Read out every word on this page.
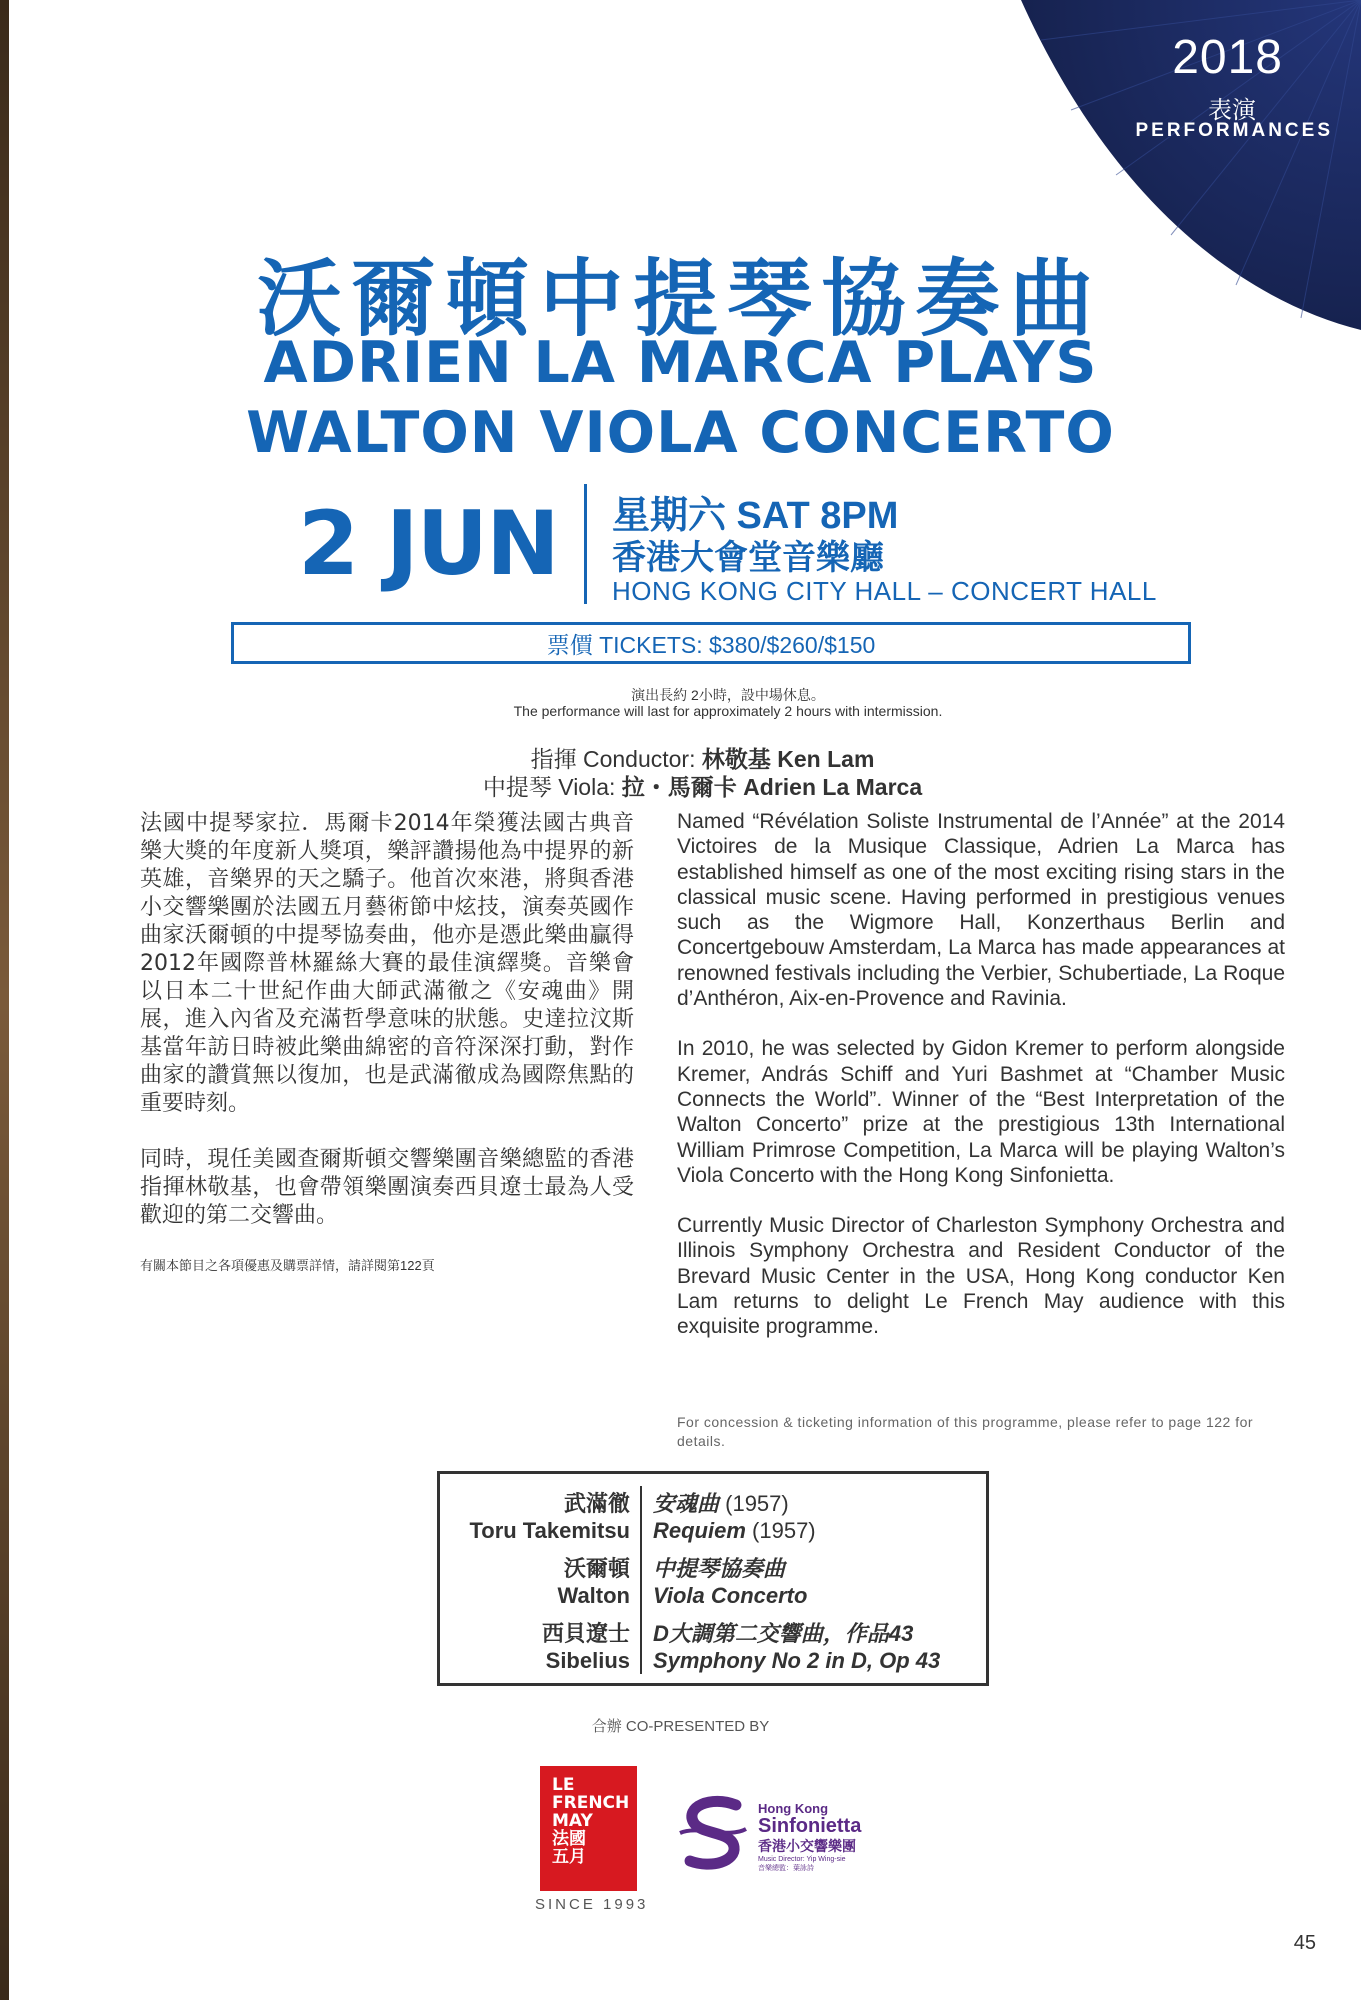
2018
表演
PERFORMANCES
沃爾頓中提琴協奏曲
ADRIEN LA MARCA PLAYS
WALTON VIOLA CONCERTO
2 JUN 星期六 SAT 8PM
香港大會堂音樂廳
HONG KONG CITY HALL – CONCERT HALL
票價 TICKETS: $380/$260/$150
演出長約 2小時，設中場休息。
The performance will last for approximately 2 hours with intermission.
指揮 Conductor: 林敬基 Ken Lam
中提琴 Viola: 拉・馬爾卡 Adrien La Marca

法國中提琴家拉．馬爾卡2014年榮獲法國古典音樂大獎的年度新人獎項，樂評讚揚他為中提界的新英雄，音樂界的天之驕子。他首次來港，將與香港小交響樂團於法國五月藝術節中炫技，演奏英國作曲家沃爾頓的中提琴協奏曲，他亦是憑此樂曲贏得2012年國際普林羅絲大賽的最佳演繹獎。音樂會以日本二十世紀作曲大師武滿徹之《安魂曲》開展，進入內省及充滿哲學意味的狀態。史達拉汶斯基當年訪日時被此樂曲綿密的音符深深打動，對作曲家的讚賞無以復加，也是武滿徹成為國際焦點的重要時刻。

同時，現任美國查爾斯頓交響樂團音樂總監的香港指揮林敬基，也會帶領樂團演奏西貝遼士最為人受歡迎的第二交響曲。

有關本節目之各項優惠及購票詳情，請詳閱第122頁

Named “Révélation Soliste Instrumental de l’Année” at the 2014 Victoires de la Musique Classique, Adrien La Marca has established himself as one of the most exciting rising stars in the classical music scene. Having performed in prestigious venues such as the Wigmore Hall, Konzerthaus Berlin and Concertgebouw Amsterdam, La Marca has made appearances at renowned festivals including the Verbier, Schubertiade, La Roque d’Anthéron, Aix-en-Provence and Ravinia.

In 2010, he was selected by Gidon Kremer to perform alongside Kremer, András Schiff and Yuri Bashmet at “Chamber Music Connects the World”. Winner of the “Best Interpretation of the Walton Concerto” prize at the prestigious 13th International William Primrose Competition, La Marca will be playing Walton’s Viola Concerto with the Hong Kong Sinfonietta.

Currently Music Director of Charleston Symphony Orchestra and Illinois Symphony Orchestra and Resident Conductor of the Brevard Music Center in the USA, Hong Kong conductor Ken Lam returns to delight Le French May audience with this exquisite programme.

For concession & ticketing information of this programme, please refer to page 122 for details.
武滿徹
Toru Takemitsu
安魂曲 (1957)
Requiem (1957)
沃爾頓
Walton
中提琴協奏曲
Viola Concerto
西貝遼士
Sibelius
D大調第二交響曲，作品43
Symphony No 2 in D, Op 43
合辦 CO-PRESENTED BY
LE
FRENCH
MAY
法國
五月
SINCE 1993
Hong Kong
Sinfonietta
香港小交響樂團
Music Director: Yip Wing-sie
音樂總監：葉詠詩
45
